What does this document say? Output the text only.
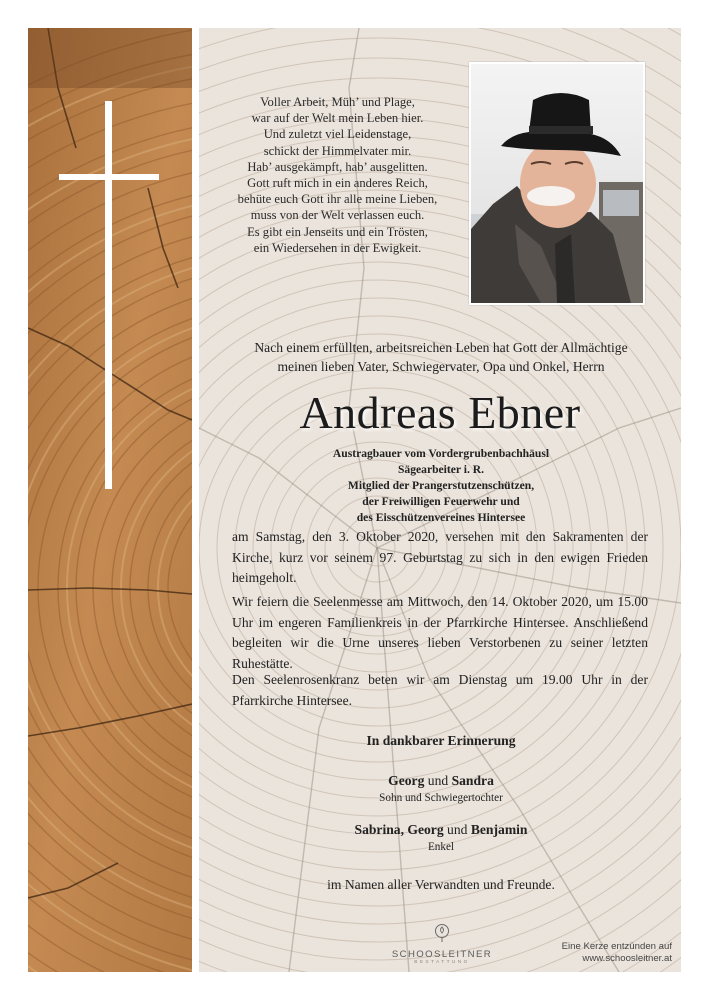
Voller Arbeit, Müh’ und Plage,
war auf der Welt mein Leben hier.
Und zuletzt viel Leidenstage,
schickt der Himmelvater mir.
Hab’ ausgekämpft, hab’ ausgelitten.
Gott ruft mich in ein anderes Reich,
behüte euch Gott ihr alle meine Lieben,
muss von der Welt verlassen euch.
Es gibt ein Jenseits und ein Trösten,
ein Wiedersehen in der Ewigkeit.
Nach einem erfüllten, arbeitsreichen Leben hat Gott der Allmächtige
meinen lieben Vater, Schwiegervater, Opa und Onkel, Herrn
Andreas Ebner
Austragbauer vom Vordergrubenbachhäusl
Sägearbeiter i. R.
Mitglied der Prangerstutzenschützen,
der Freiwilligen Feuerwehr und
des Eisschützenvereines Hintersee
am Samstag, den 3. Oktober 2020, versehen mit den Sakramenten der Kirche, kurz vor seinem 97. Geburtstag zu sich in den ewigen Frieden heimgeholt.
Wir feiern die Seelenmesse am Mittwoch, den 14. Oktober 2020, um 15.00 Uhr im engeren Familienkreis in der Pfarrkirche Hintersee. Anschließend begleiten wir die Urne unseres lieben Verstorbenen zu seiner letzten Ruhestätte.
Den Seelenrosenkranz beten wir am Dienstag um 19.00 Uhr in der Pfarrkirche Hintersee.
In dankbarer Erinnerung
Georg und Sandra
Sohn und Schwiegertochter
Sabrina, Georg und Benjamin
Enkel
im Namen aller Verwandten und Freunde.
SCHOOSLEITNER
BESTATTUNG
Eine Kerze entzünden auf
www.schoosleitner.at
